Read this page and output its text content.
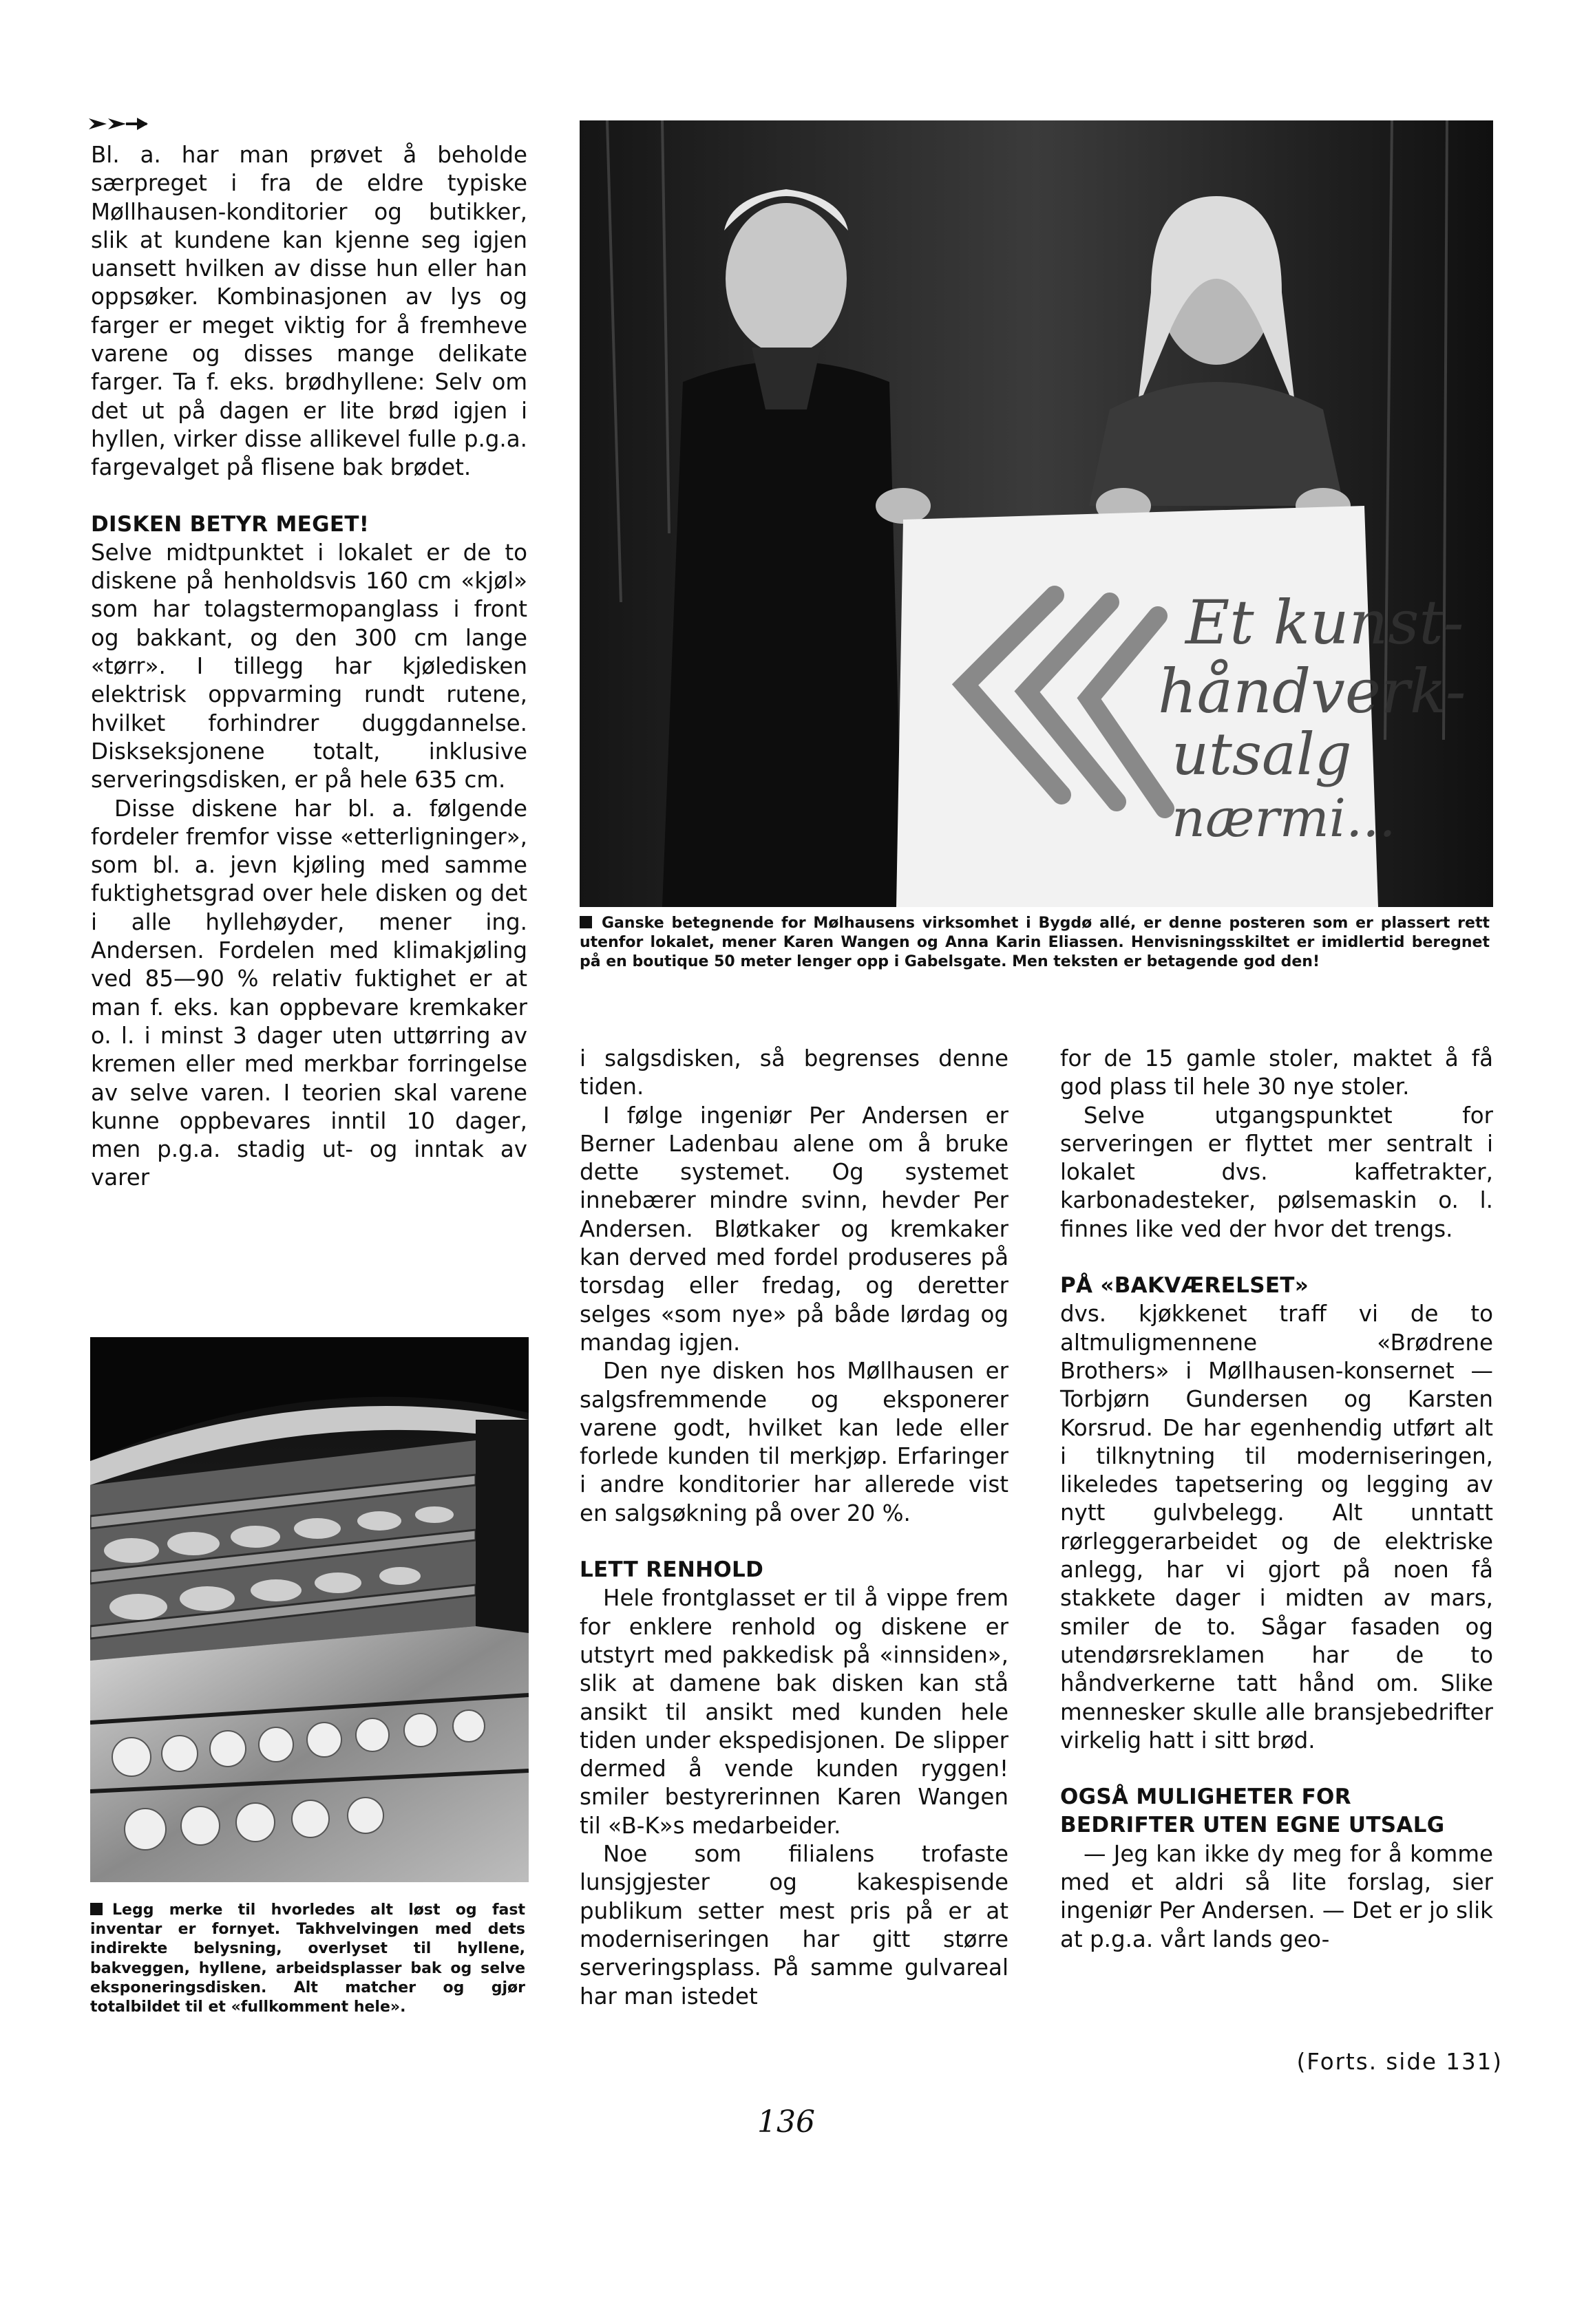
Bl. a. har man prøvet å beholde særpreget i fra de eldre typiske Møllhausen-konditorier og butikker, slik at kundene kan kjenne seg igjen uansett hvilken av disse hun eller han oppsøker. Kombinasjonen av lys og farger er meget viktig for å fremheve varene og disses mange delikate farger. Ta f. eks. brødhyllene: Selv om det ut på dagen er lite brød igjen i hyllen, virker disse allikevel fulle p.g.a. fargevalget på flisene bak brødet.

DISKEN BETYR MEGET!

Selve midtpunktet i lokalet er de to diskene på henholdsvis 160 cm «kjøl» som har tolagstermopanglass i front og bakkant, og den 300 cm lange «tørr». I tillegg har kjøledisken elektrisk oppvarming rundt rutene, hvilket forhindrer duggdannelse. Diskseksjonene totalt, inklusive serveringsdisken, er på hele 635 cm.

Disse diskene har bl. a. følgende fordeler fremfor visse «etterligninger», som bl. a. jevn kjøling med samme fuktighetsgrad over hele disken og det i alle hyllehøyder, mener ing. Andersen. Fordelen med klimakjøling ved 85—90 % relativ fuktighet er at man f. eks. kan oppbevare kremkaker o. l. i minst 3 dager uten uttørring av kremen eller med merkbar forringelse av selve varen. I teorien skal varene kunne oppbevares inntil 10 dager, men p.g.a. stadig ut- og inntak av varer

Legg merke til hvorledes alt løst og fast inventar er fornyet. Takhvelvingen med dets indirekte belysning, overlyset til hyllene, bakveggen, hyllene, arbeidsplasser bak og selve eksponeringsdisken. Alt matcher og gjør totalbildet til et «fullkomment hele».
Et kunst-
håndverk-
utsalg
nærmi...
Ganske betegnende for Mølhausens virksomhet i Bygdø allé, er denne posteren som er plassert rett utenfor lokalet, mener Karen Wangen og Anna Karin Eliassen. Henvisningsskiltet er imidlertid beregnet på en boutique 50 meter lenger opp i Gabelsgate. Men teksten er betagende god den!

i salgsdisken, så begrenses denne tiden.

I følge ingeniør Per Andersen er Berner Ladenbau alene om å bruke dette systemet. Og systemet innebærer mindre svinn, hevder Per Andersen. Bløtkaker og kremkaker kan derved med fordel produseres på torsdag eller fredag, og deretter selges «som nye» på både lørdag og mandag igjen.

Den nye disken hos Møllhausen er salgsfremmende og eksponerer varene godt, hvilket kan lede eller forlede kunden til merkjøp. Erfaringer i andre konditorier har allerede vist en salgsøkning på over 20 %.

LETT RENHOLD

Hele frontglasset er til å vippe frem for enklere renhold og diskene er utstyrt med pakkedisk på «innsiden», slik at damene bak disken kan stå ansikt til ansikt med kunden hele tiden under ekspedisjonen. De slipper dermed å vende kunden ryggen! smiler bestyrerinnen Karen Wangen til «B-K»s medarbeider.

Noe som filialens trofaste lunsjgjester og kakespisende publikum setter mest pris på er at moderniseringen har gitt større serveringsplass. På samme gulvareal har man istedet

for de 15 gamle stoler, maktet å få god plass til hele 30 nye stoler.

Selve utgangspunktet for serveringen er flyttet mer sentralt i lokalet dvs. kaffetrakter, karbonadesteker, pølsemaskin o. l. finnes like ved der hvor det trengs.

PÅ «BAKVÆRELSET»

dvs. kjøkkenet traff vi de to altmuligmennene «Brødrene Brothers» i Møllhausen-konsernet — Torbjørn Gundersen og Karsten Korsrud. De har egenhendig utført alt i tilknytning til moderniseringen, likeledes tapetsering og legging av nytt gulvbelegg. Alt unntatt rørleggerarbeidet og de elektriske anlegg, har vi gjort på noen få stakkete dager i midten av mars, smiler de to. Sågar fasaden og utendørsreklamen har de to håndverkerne tatt hånd om. Slike mennesker skulle alle bransjebedrifter virkelig hatt i sitt brød.

OGSÅ MULIGHETER FOR BEDRIFTER UTEN EGNE UTSALG

— Jeg kan ikke dy meg for å komme med et aldri så lite forslag, sier ingeniør Per Andersen. — Det er jo slik at p.g.a. vårt lands geo-

(Forts. side 131)
136
